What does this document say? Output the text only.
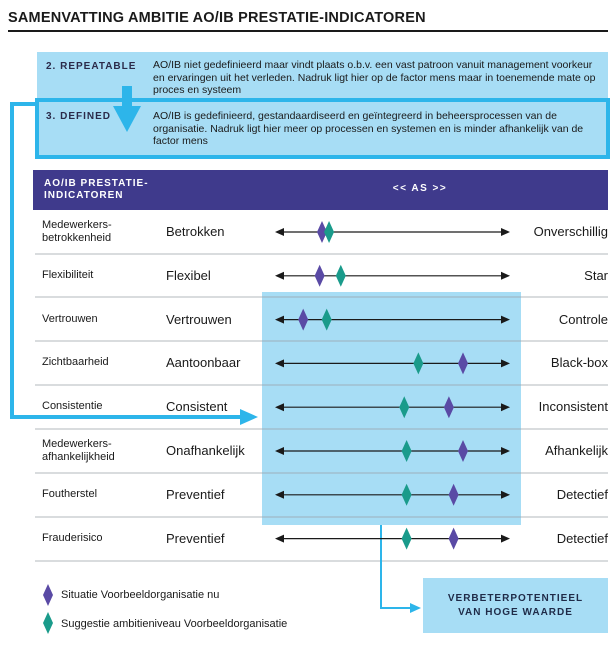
SAMENVATTING AMBITIE AO/IB PRESTATIE-INDICATOREN
2. REPEATABLE AO/IB niet gedefinieerd maar vindt plaats o.b.v. een vast patroon vanuit management voorkeur en ervaringen uit het verleden. Nadruk ligt hier op de factor mens maar in toenemende mate op proces en systeem
3. DEFINED	AO/IB is gedefinieerd, gestandaardiseerd en geïntegreerd in beheersprocessen van de organisatie. Nadruk ligt hier meer op processen en systemen en is minder afhankelijk van de factor mens
AO/IB PRESTATIE-
INDICATOREN
<< AS >>
Medewerkers-
betrokkenheid	Betrokken	Onverschillig
Flexibiliteit	Flexibel	Star
Vertrouwen	Vertrouwen	Controle
Zichtbaarheid	Aantoonbaar	Black-box
Consistentie	Consistent	Inconsistent
Medewerkers-
afhankelijkheid	Onafhankelijk	Afhankelijk
Foutherstel	Preventief	Detectief
Frauderisico	Preventief	Detectief
Situatie Voorbeeldorganisatie nu
Suggestie ambitieniveau Voorbeeldorganisatie
VERBETERPOTENTIEEL
VAN HOGE WAARDE
